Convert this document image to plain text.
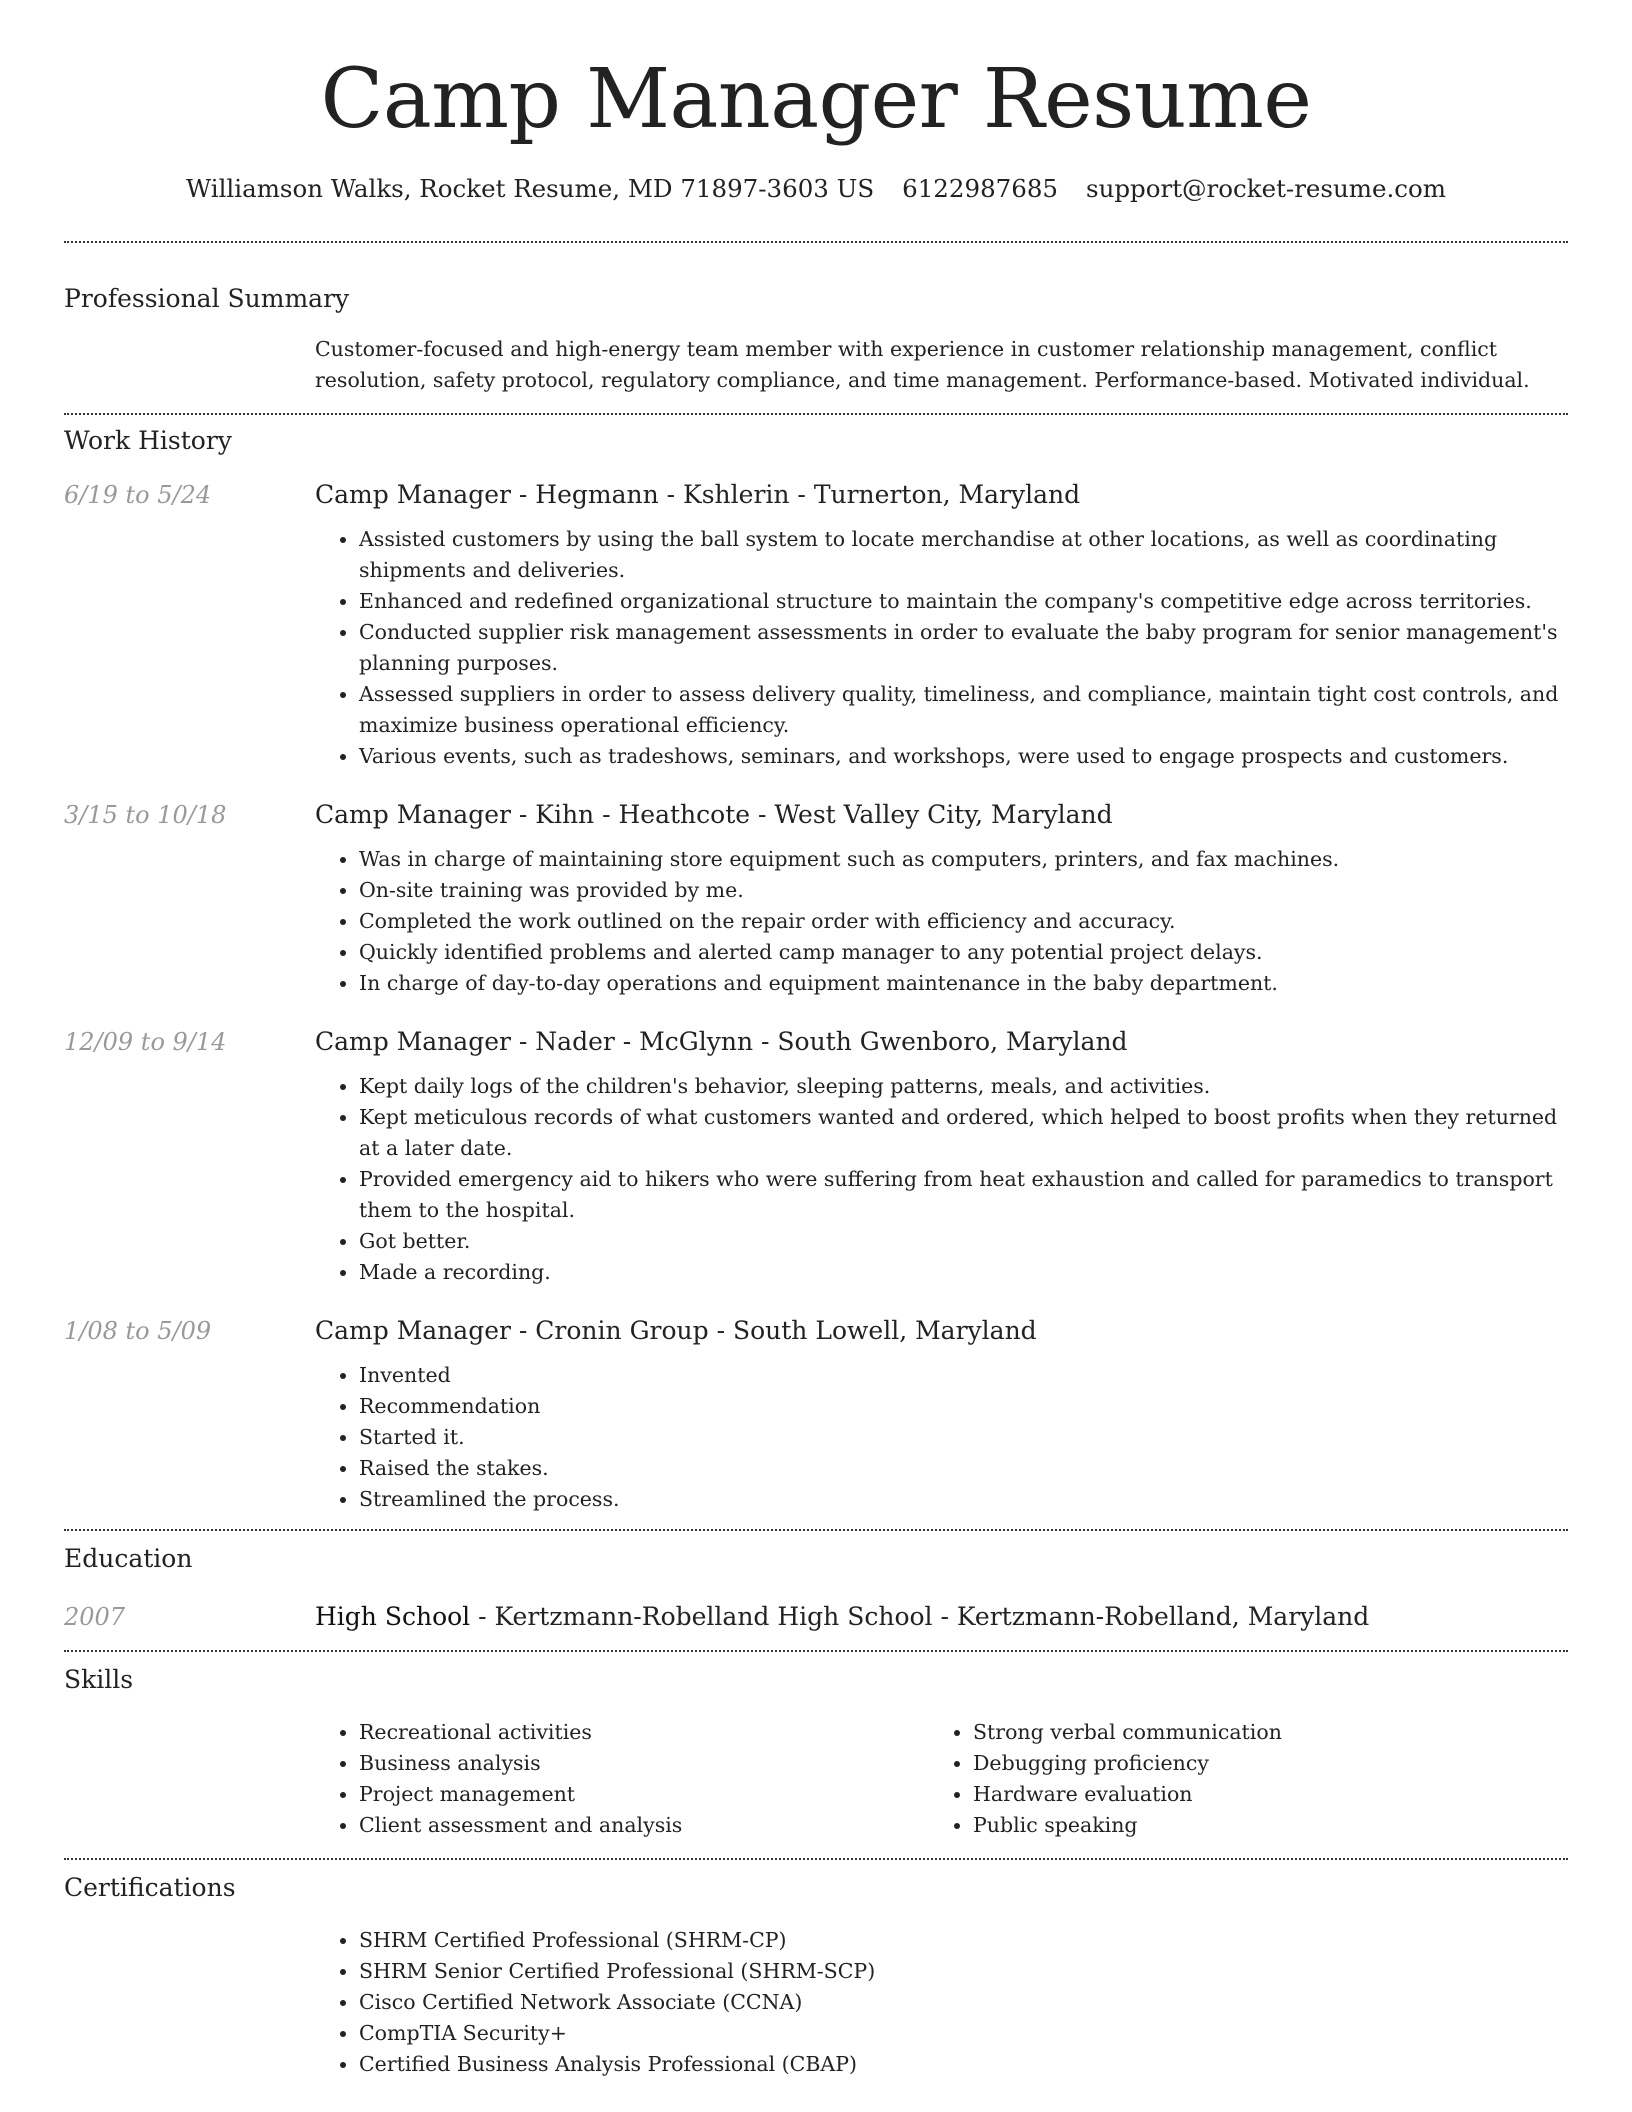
Camp Manager Resume
Williamson Walks, Rocket Resume, MD 71897-3603 US 6122987685 support@rocket-resume.com
Professional Summary
Customer-focused and high-energy team member with experience in customer relationship management, conflict resolution, safety protocol, regulatory compliance, and time management. Performance-based. Motivated individual.
Work History
6/19 to 5/24	Camp Manager - Hegmann - Kshlerin - Turnerton, Maryland
• Assisted customers by using the ball system to locate merchandise at other locations, as well as coordinating shipments and deliveries.
• Enhanced and redefined organizational structure to maintain the company's competitive edge across territories.
• Conducted supplier risk management assessments in order to evaluate the baby program for senior management's planning purposes.
• Assessed suppliers in order to assess delivery quality, timeliness, and compliance, maintain tight cost controls, and maximize business operational efficiency.
• Various events, such as tradeshows, seminars, and workshops, were used to engage prospects and customers.
3/15 to 10/18	Camp Manager - Kihn - Heathcote - West Valley City, Maryland
• Was in charge of maintaining store equipment such as computers, printers, and fax machines.
• On-site training was provided by me.
• Completed the work outlined on the repair order with efficiency and accuracy.
• Quickly identified problems and alerted camp manager to any potential project delays.
• In charge of day-to-day operations and equipment maintenance in the baby department.
12/09 to 9/14	Camp Manager - Nader - McGlynn - South Gwenboro, Maryland
• Kept daily logs of the children's behavior, sleeping patterns, meals, and activities.
• Kept meticulous records of what customers wanted and ordered, which helped to boost profits when they returned at a later date.
• Provided emergency aid to hikers who were suffering from heat exhaustion and called for paramedics to transport them to the hospital.
• Got better.
• Made a recording.
1/08 to 5/09	Camp Manager - Cronin Group - South Lowell, Maryland
• Invented
• Recommendation
• Started it.
• Raised the stakes.
• Streamlined the process.
Education
2007	High School - Kertzmann-Robelland High School - Kertzmann-Robelland, Maryland
Skills
• Recreational activities
• Business analysis
• Project management
• Client assessment and analysis
• Strong verbal communication
• Debugging proficiency
• Hardware evaluation
• Public speaking
Certifications
• SHRM Certified Professional (SHRM-CP)
• SHRM Senior Certified Professional (SHRM-SCP)
• Cisco Certified Network Associate (CCNA)
• CompTIA Security+
• Certified Business Analysis Professional (CBAP)
